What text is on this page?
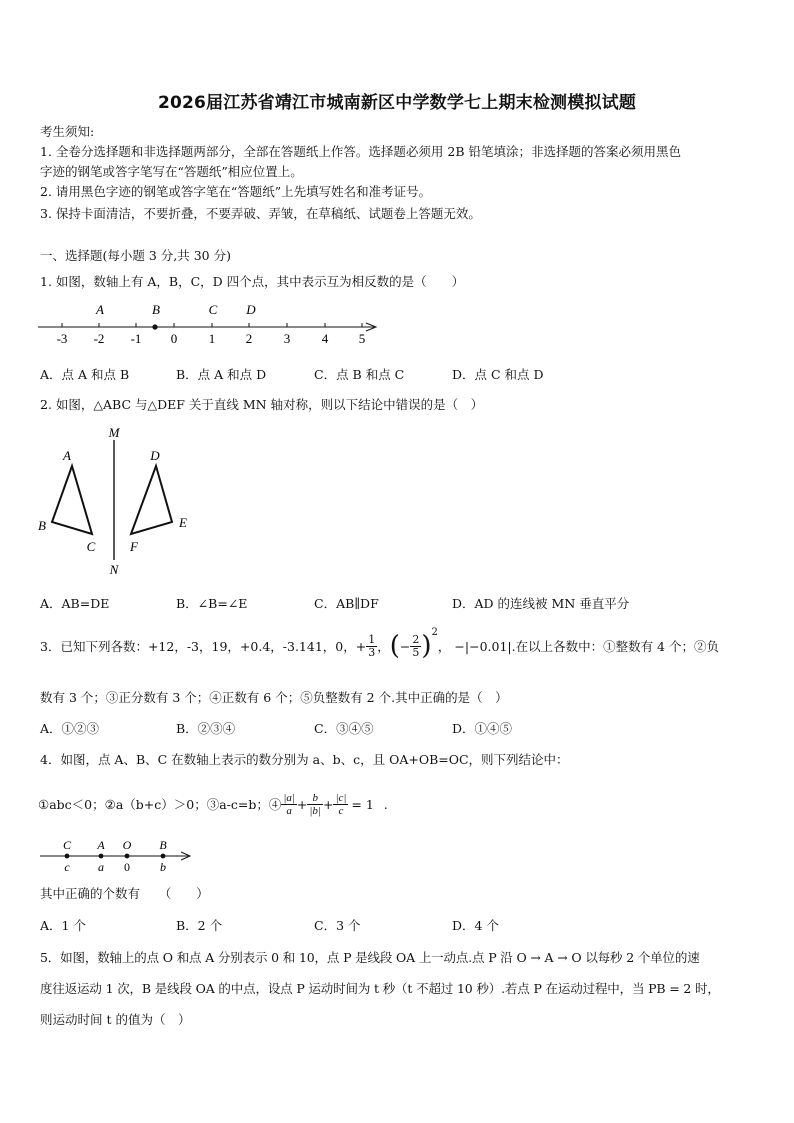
2026届江苏省靖江市城南新区中学数学七上期末检测模拟试题
考生须知:
1. 全卷分选择题和非选择题两部分，全部在答题纸上作答。选择题必须用 2B 铅笔填涂；非选择题的答案必须用黑色
字迹的钢笔或答字笔写在“答题纸”相应位置上。
2. 请用黑色字迹的钢笔或答字笔在“答题纸”上先填写姓名和准考证号。
3. 保持卡面清洁，不要折叠，不要弄破、弄皱，在草稿纸、试题卷上答题无效。
一、选择题(每小题 3 分,共 30 分)
1. 如图，数轴上有 A，B，C，D 四个点，其中表示互为相反数的是（　　）
-3 -2 -1 0 1 2 3 4 5
A	B	C D
A．点 A 和点 B	B．点 A 和点 D	C．点 B 和点 C	D．点 C 和点 D
2. 如图，△ABC 与△DEF 关于直线 MN 轴对称，则以下结论中错误的是（　）
M
N
A
B
C
D
E
F
A．AB=DE	B．∠B=∠E	C．AB∥DF	D．AD 的连线被 MN 垂直平分
3．已知下列各数：+12，-3，19，+0.4，-3.141，0，+ $\frac{1}{3}$ ， ( − $\frac{2}{5}$ ) 2
， −|−0.01| .在以上各数中：①整数有 4 个；②负
数有 3 个；③正分数有 3 个；④正数有 6 个；⑤负整数有 2 个.其中正确的是（　）
A．①②③	B．②③④	C．③④⑤	D．①④⑤
4．如图，点 A、B、C 在数轴上表示的数分别为 a、b、c，且 OA+OB=OC，则下列结论中：
①abc＜0；②a（b+c）＞0；③a-c=b；④ $\frac{|a|}{a} + \frac{b}{|b|} + \frac{|c|}{c} = 1$ .
C A O B
c a 0	b
其中正确的个数有　　（　　）
A．1 个	B．2 个	C．3 个	D．4 个
5．如图，数轴上的点 O 和点 A 分别表示 0 和 10，点 P 是线段 OA 上一动点.点 P 沿 O → A → O 以每秒 2 个单位的速
度往返运动 1 次，B 是线段 OA 的中点，设点 P 运动时间为 t 秒（t 不超过 10 秒）.若点 P 在运动过程中，当 PB = 2 时，
则运动时间 t 的值为（　）
